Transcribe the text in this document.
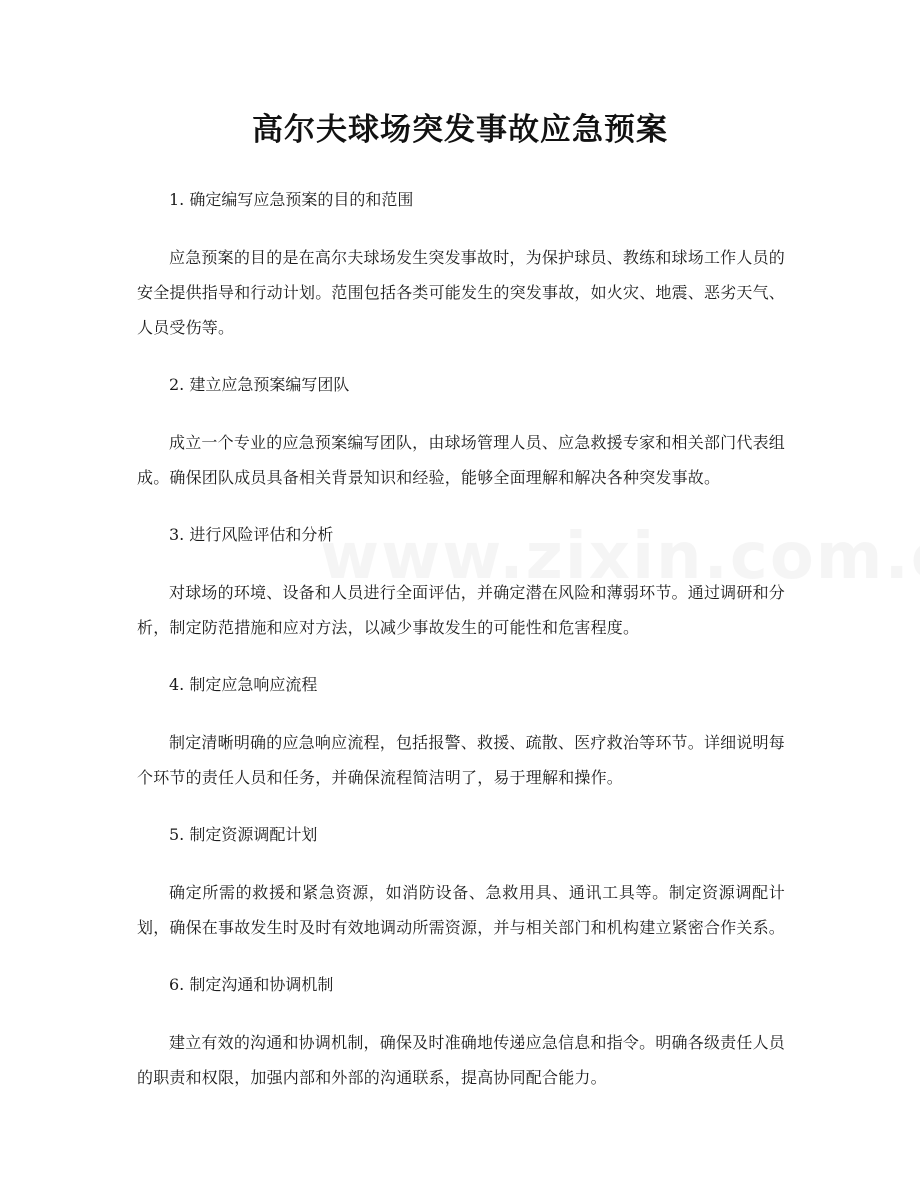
高尔夫球场突发事故应急预案

1. 确定编写应急预案的目的和范围

应急预案的目的是在高尔夫球场发生突发事故时，为保护球员、教练和球场工作人员的安全提供指导和行动计划。范围包括各类可能发生的突发事故，如火灾、地震、恶劣天气、人员受伤等。

2. 建立应急预案编写团队

成立一个专业的应急预案编写团队，由球场管理人员、应急救援专家和相关部门代表组成。确保团队成员具备相关背景知识和经验，能够全面理解和解决各种突发事故。

3. 进行风险评估和分析

对球场的环境、设备和人员进行全面评估，并确定潜在风险和薄弱环节。通过调研和分析，制定防范措施和应对方法，以减少事故发生的可能性和危害程度。

4. 制定应急响应流程

制定清晰明确的应急响应流程，包括报警、救援、疏散、医疗救治等环节。详细说明每个环节的责任人员和任务，并确保流程简洁明了，易于理解和操作。

5. 制定资源调配计划

确定所需的救援和紧急资源，如消防设备、急救用具、通讯工具等。制定资源调配计划，确保在事故发生时及时有效地调动所需资源，并与相关部门和机构建立紧密合作关系。

6. 制定沟通和协调机制

建立有效的沟通和协调机制，确保及时准确地传递应急信息和指令。明确各级责任人员的职责和权限，加强内部和外部的沟通联系，提高协同配合能力。
